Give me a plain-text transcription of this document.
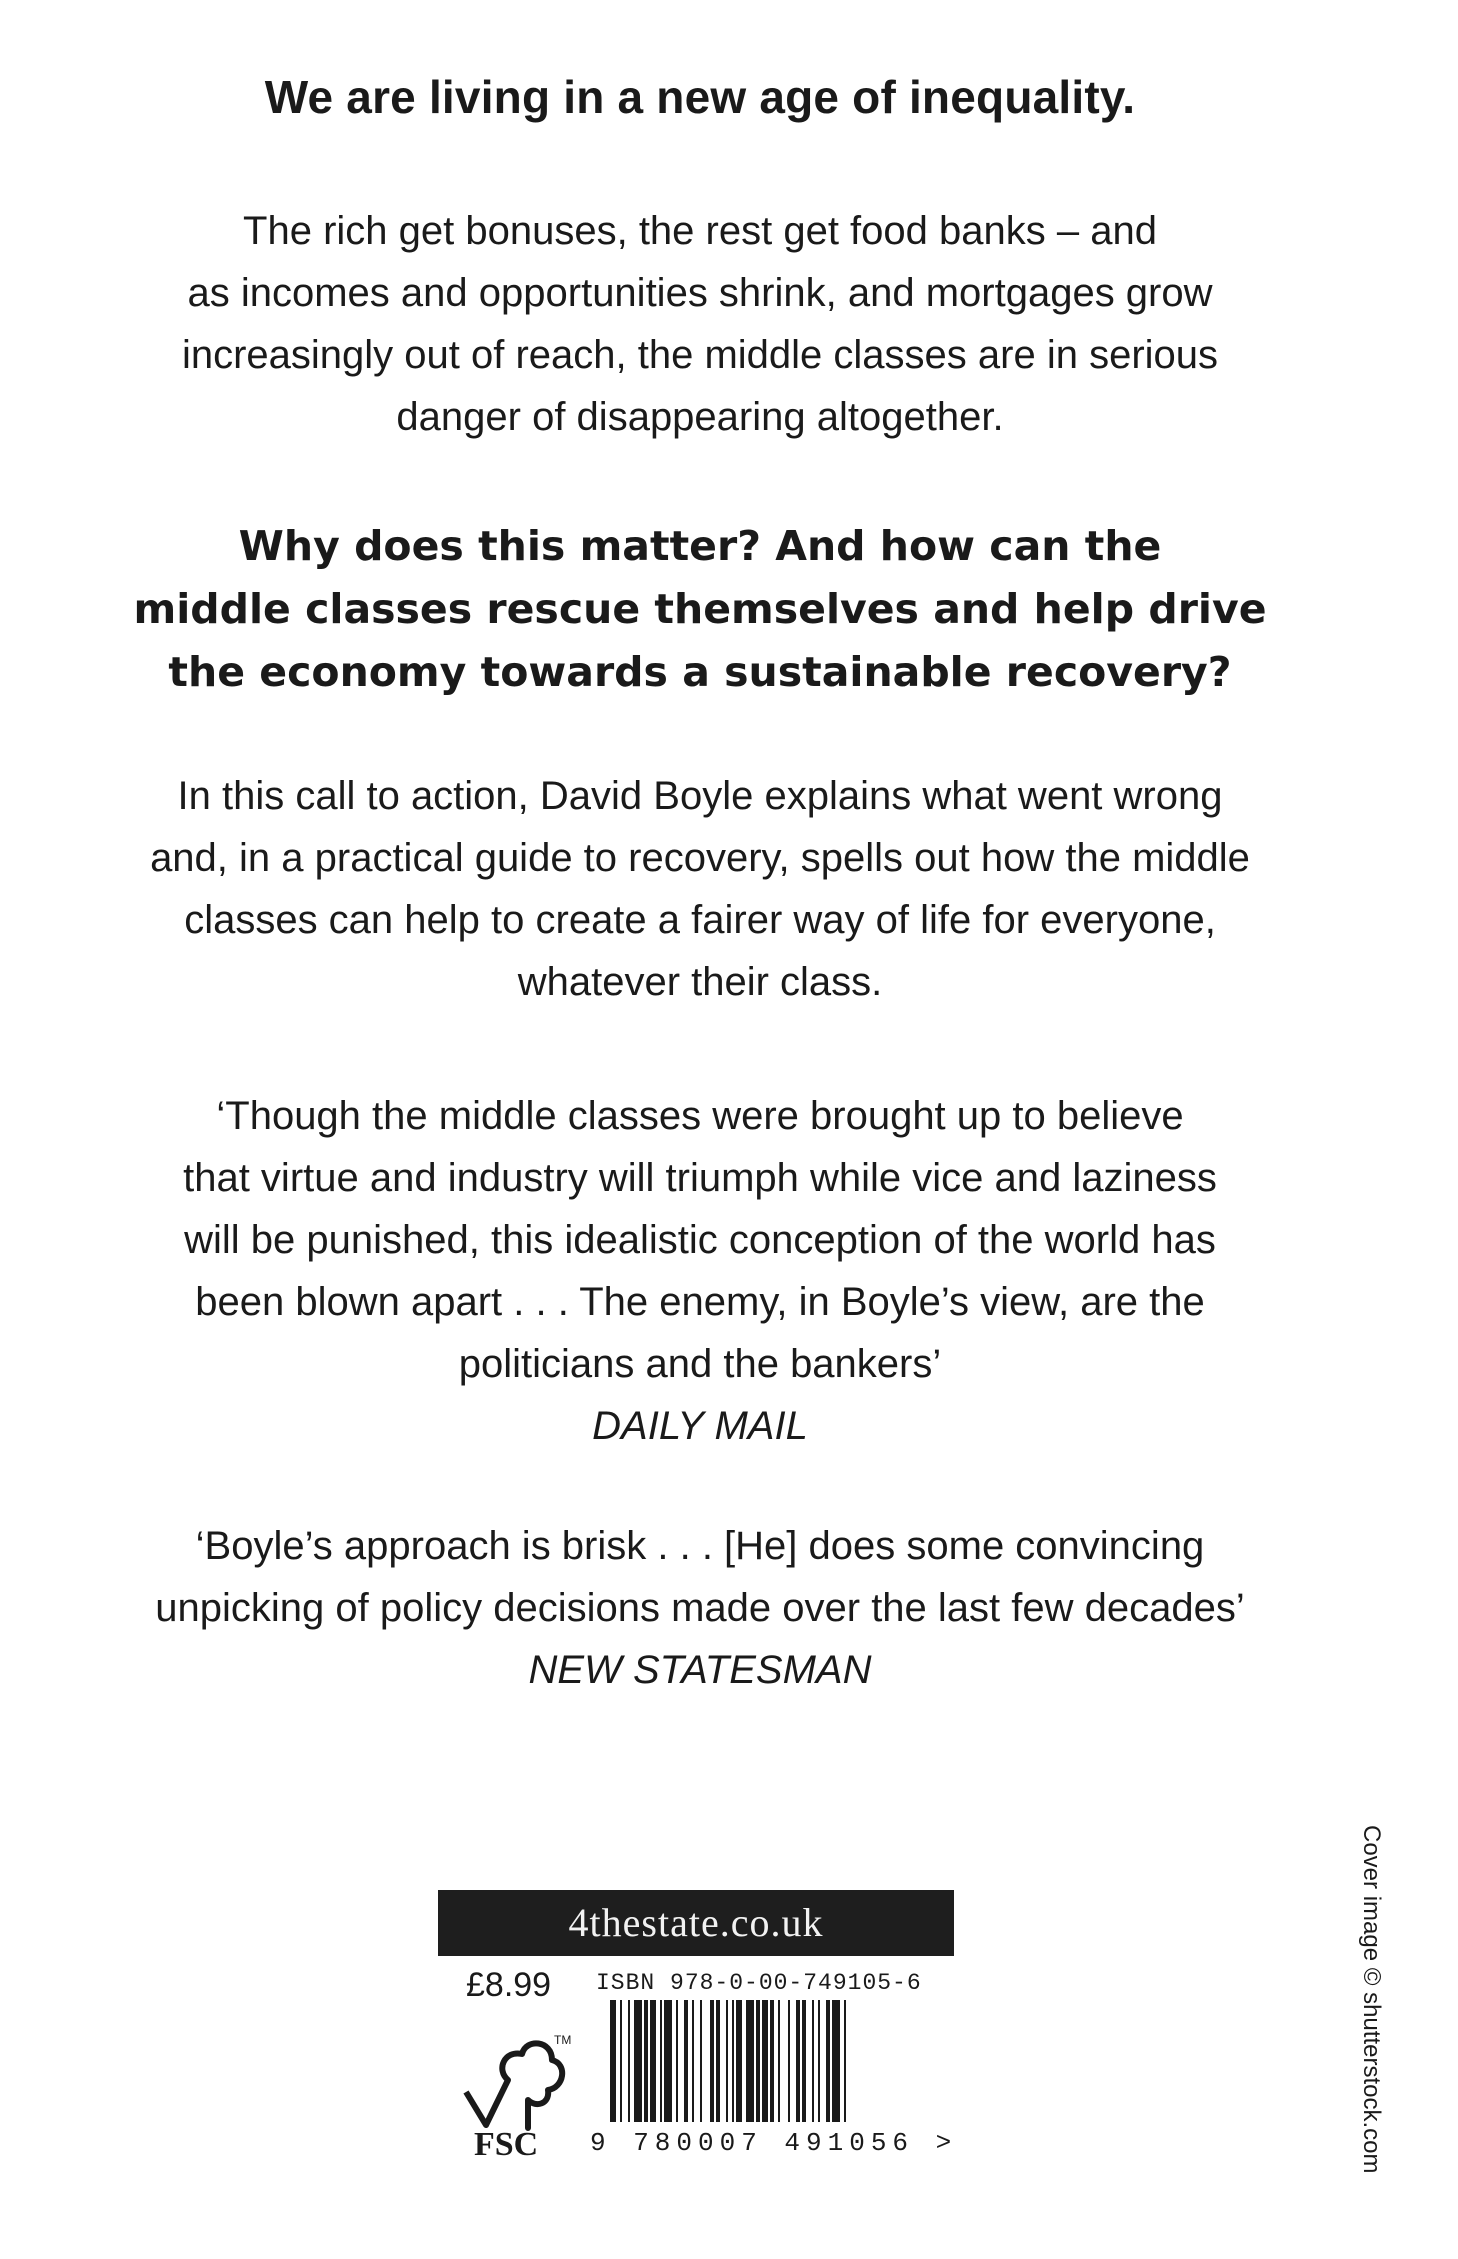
We are living in a new age of inequality.
The rich get bonuses, the rest get food banks – and
as incomes and opportunities shrink, and mortgages grow
increasingly out of reach, the middle classes are in serious
danger of disappearing altogether.
Why does this matter? And how can the
middle classes rescue themselves and help drive
the economy towards a sustainable recovery?
In this call to action, David Boyle explains what went wrong
and, in a practical guide to recovery, spells out how the middle
classes can help to create a fairer way of life for everyone,
whatever their class.
‘Though the middle classes were brought up to believe
that virtue and industry will triumph while vice and laziness
will be punished, this idealistic conception of the world has
been blown apart . . . The enemy, in Boyle’s view, are the
politicians and the bankers’
DAILY MAIL
‘Boyle’s approach is brisk . . . [He] does some convincing
unpicking of policy decisions made over the last few decades’
NEW STATESMAN
4thestate.co.uk
£8.99 ISBN 978-0-00-749105-6
9 780007 491056 >
TM
FSC	Cover image © shutterstock.com
